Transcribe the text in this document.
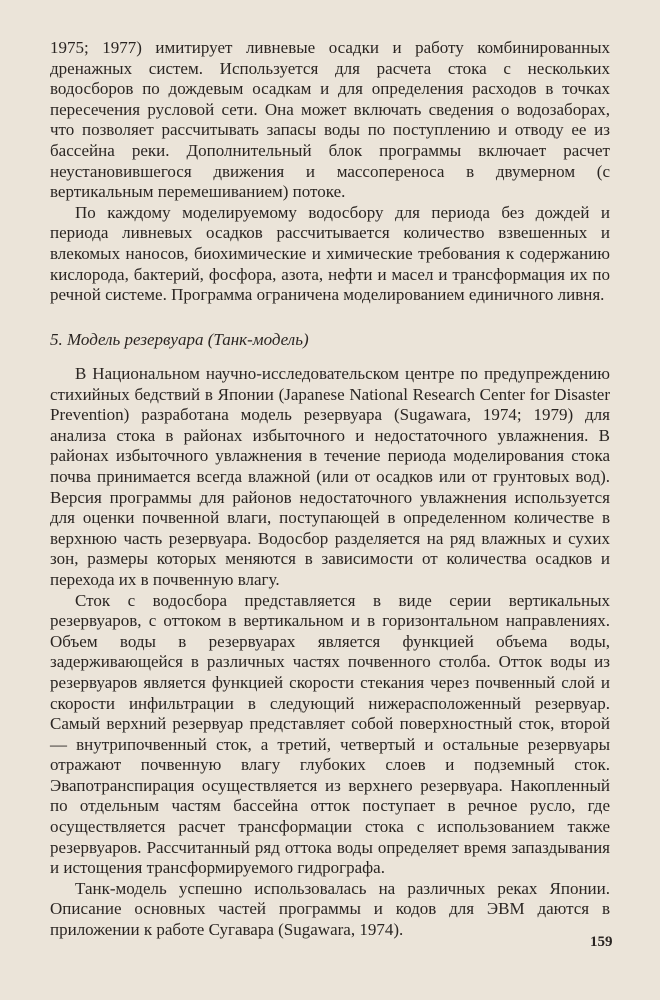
1975; 1977) имитирует ливневые осадки и работу комбинированных дренажных систем. Используется для расчета стока с нескольких водосборов по дождевым осадкам и для определения расходов в точках пересечения русловой сети. Она может включать сведения о водозаборах, что позволяет рассчитывать запасы воды по поступлению и отводу ее из бассейна реки. Дополнительный блок программы включает расчет неустановившегося движения и массопереноса в двумерном (с вертикальным перемешиванием) потоке.

По каждому моделируемому водосбору для периода без дождей и периода ливневых осадков рассчитывается количество взвешенных и влекомых наносов, биохимические и химические требования к содержанию кислорода, бактерий, фосфора, азота, нефти и масел и трансформация их по речной системе. Программа ограничена моделированием единичного ливня.

5. Модель резервуара (Танк-модель)

В Национальном научно-исследовательском центре по предупреждению стихийных бедствий в Японии (Japanese National Research Center for Disaster Prevention) разработана модель резервуара (Sugawara, 1974; 1979) для анализа стока в районах избыточного и недостаточного увлажнения. В районах избыточного увлажнения в течение периода моделирования стока почва принимается всегда влажной (или от осадков или от грунтовых вод). Версия программы для районов недостаточного увлажнения используется для оценки почвенной влаги, поступающей в определенном количестве в верхнюю часть резервуара. Водосбор разделяется на ряд влажных и сухих зон, размеры которых меняются в зависимости от количества осадков и перехода их в почвенную влагу.

Сток с водосбора представляется в виде серии вертикальных резервуаров, с оттоком в вертикальном и в горизонтальном направлениях. Объем воды в резервуарах является функцией объема воды, задерживающейся в различных частях почвенного столба. Отток воды из резервуаров является функцией скорости стекания через почвенный слой и скорости инфильтрации в следующий нижерасположенный резервуар. Самый верхний резервуар представляет собой поверхностный сток, второй — внутрипочвенный сток, а третий, четвертый и остальные резервуары отражают почвенную влагу глубоких слоев и подземный сток. Эвапотранспирация осуществляется из верхнего резервуара. Накопленный по отдельным частям бассейна отток поступает в речное русло, где осуществляется расчет трансформации стока с использованием также резервуаров. Рассчитанный ряд оттока воды определяет время запаздывания и истощения трансформируемого гидрографа.

Танк-модель успешно использовалась на различных реках Японии. Описание основных частей программы и кодов для ЭВМ даются в приложении к работе Сугавара (Sugawara, 1974).

159
